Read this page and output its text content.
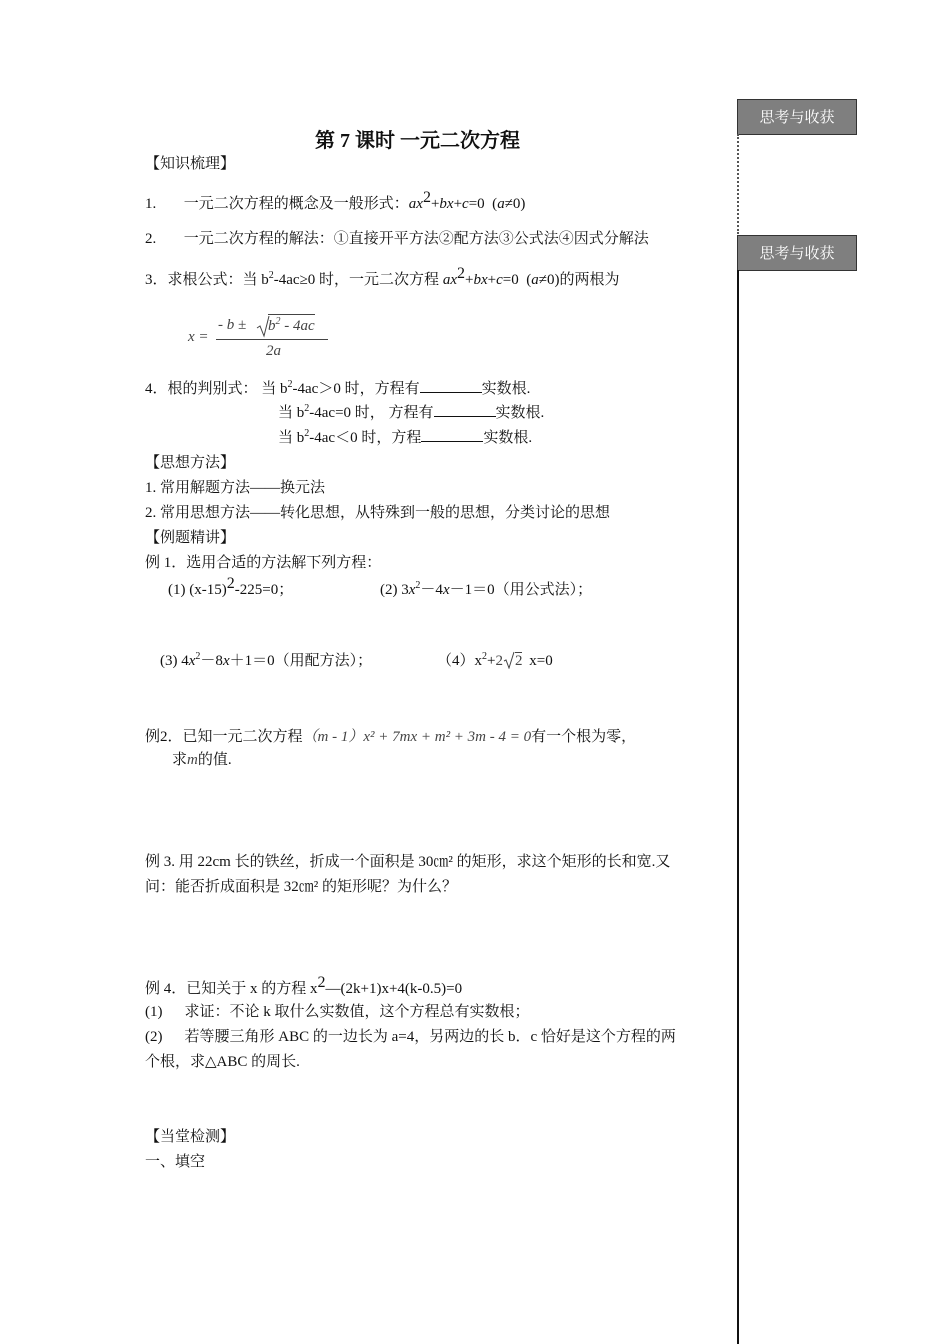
思考与收获
思考与收获
第 7 课时 一元二次方程
【知识梳理】
1. 一元二次方程的概念及一般形式：ax2+bx+c=0  (a≠0)
2. 一元二次方程的解法：①直接开平方法②配方法③公式法④因式分解法
3．求根公式：当 $b^2-4ac\ge 0$ 时，一元二次方程 ax2+bx+c=0  (a≠0)的两根为
x =
- $b \pm b^2 - 4ac$
2a
4．根的判别式： 当 $b^2-4ac>0$ 时，方程有	实数根.
当 $b^2-4ac=0$ 时， 方程有	实数根.
当 $b^2-4ac<0$ 时，方程	实数根.
【思想方法】
1. 常用解题方法——换元法
2. 常用思想方法——转化思想，从特殊到一般的思想，分类讨论的思想
【例题精讲】
例 1．选用合适的方法解下列方程：
(1) (x-15)2-225=0；	(2) $3x^2-4x-1=0$（用公式法）；
(3) $4x^2-8x+1=0$（用配方法）；	$(4)x^2+2$ 2 x=0
例2．已知一元二次方程（m - 1）x² + 7mx + m² + 3m - 4 = 0有一个根为零，
求m的值.
例 3. 用 22cm 长的铁丝，折成一个面积是 30㎝² 的矩形，求这个矩形的长和宽.又
问：能否折成面积是 32㎝² 的矩形呢？为什么？
例 4．已知关于 x 的方程 x2—(2k+1)x+4(k-0.5)=0
(1) 求证：不论 k 取什么实数值，这个方程总有实数根；
(2) 若等腰三角形 ABC 的一边长为 a=4，另两边的长 b．c 恰好是这个方程的两
个根，求△ABC 的周长.
【当堂检测】
一、填空
